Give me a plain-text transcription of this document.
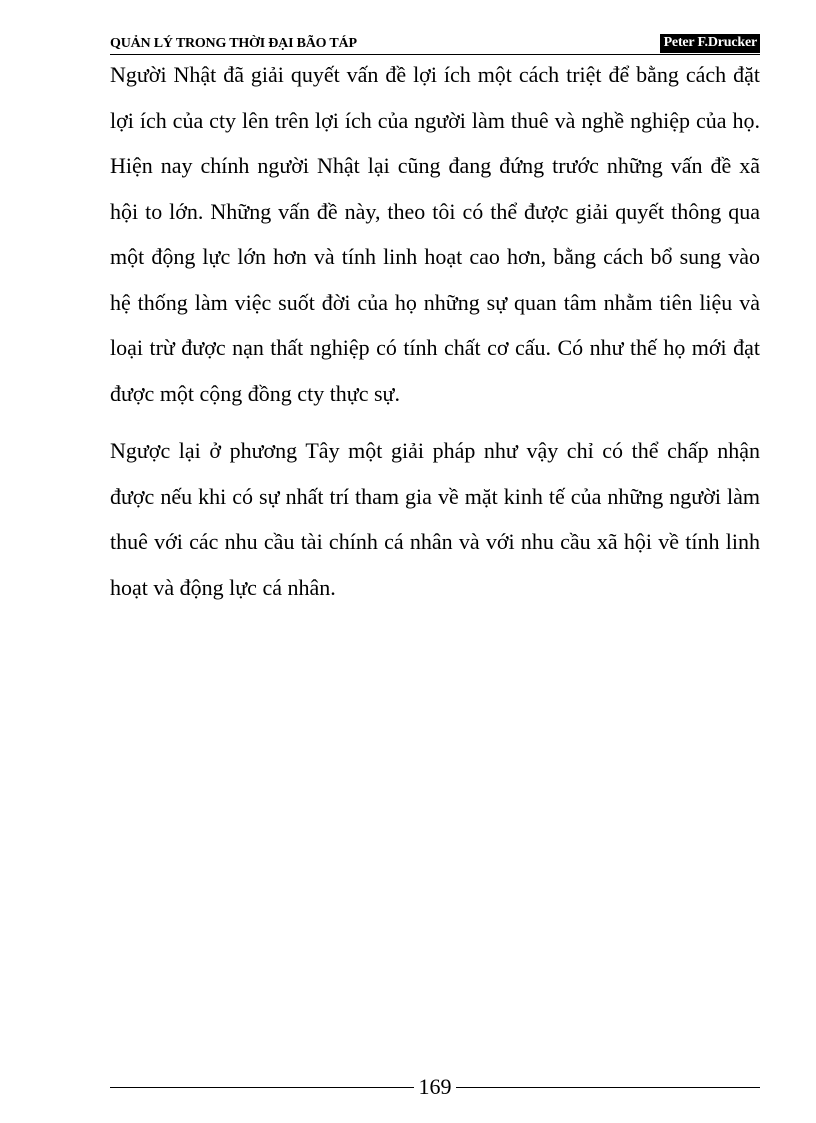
QUẢN LÝ TRONG THỜI ĐẠI BÃO TÁP	Peter F.Drucker

Người Nhật đã giải quyết vấn đề lợi ích một cách triệt để bằng cách đặt lợi ích của cty lên trên lợi ích của người làm thuê và nghề nghiệp của họ. Hiện nay chính người Nhật lại cũng đang đứng trước những vấn đề xã hội to lớn. Những vấn đề này, theo tôi có thể được giải quyết thông qua một động lực lớn hơn và tính linh hoạt cao hơn, bằng cách bổ sung vào hệ thống làm việc suốt đời của họ những sự quan tâm nhằm tiên liệu và loại trừ được nạn thất nghiệp có tính chất cơ cấu. Có như thế họ mới đạt được một cộng đồng cty thực sự.

Ngược lại ở phương Tây một giải pháp như vậy chỉ có thể chấp nhận được nếu khi có sự nhất trí tham gia về mặt kinh tế của những người làm thuê với các nhu cầu tài chính cá nhân và với nhu cầu xã hội về tính linh hoạt và động lực cá nhân.

169
